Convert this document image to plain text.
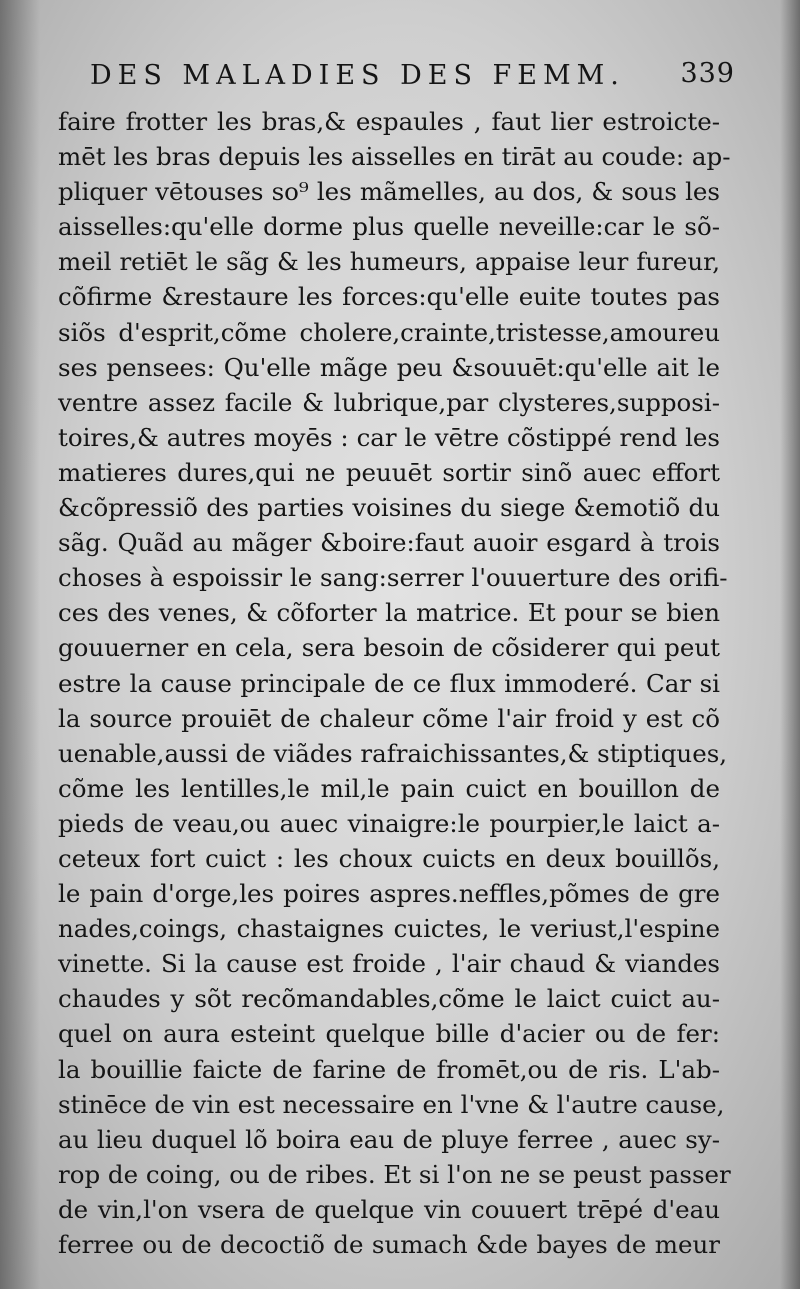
DES MALADIES DES FEMM. 339
faire frotter les bras,& espaules , faut lier estroicte-
mēt les bras depuis les aisselles en tirāt au coude: ap-
pliquer vētouses so⁹ les mãmelles, au dos, & sous les
aisselles:qu'elle dorme plus quelle neveille:car le sõ-
meil retiēt le sãg & les humeurs, appaise leur fureur,
cõfirme &restaure les forces:qu'elle euite toutes pas
siõs d'esprit,cõme cholere,crainte,tristesse,amoureu
ses pensees: Qu'elle mãge peu &souuēt:qu'elle ait le
ventre assez facile & lubrique,par clysteres,supposi-
toires,& autres moyēs : car le vētre cõstippé rend les
matieres dures,qui ne peuuēt sortir sinõ auec effort
&cõpressiõ des parties voisines du siege &emotiõ du
sãg. Quãd au mãger &boire:faut auoir esgard à trois
choses à espoissir le sang:serrer l'ouuerture des orifi-
ces des venes, & cõforter la matrice. Et pour se bien
gouuerner en cela, sera besoin de cõsiderer qui peut
estre la cause principale de ce flux immoderé. Car si
la source prouiēt de chaleur cõme l'air froid y est cõ
uenable,aussi de viãdes rafraichissantes,& stiptiques,
cõme les lentilles,le mil,le pain cuict en bouillon de
pieds de veau,ou auec vinaigre:le pourpier,le laict a-
ceteux fort cuict : les choux cuicts en deux bouillõs,
le pain d'orge,les poires aspres.neffles,põmes de gre
nades,coings, chastaignes cuictes, le veriust,l'espine
vinette. Si la cause est froide , l'air chaud & viandes
chaudes y sõt recõmandables,cõme le laict cuict au-
quel on aura esteint quelque bille d'acier ou de fer:
la bouillie faicte de farine de fromēt,ou de ris. L'ab-
stinēce de vin est necessaire en l'vne & l'autre cause,
au lieu duquel lõ boira eau de pluye ferree , auec sy-
rop de coing, ou de ribes. Et si l'on ne se peust passer
de vin,l'on vsera de quelque vin couuert trēpé d'eau
ferree ou de decoctiõ de sumach &de bayes de meur
